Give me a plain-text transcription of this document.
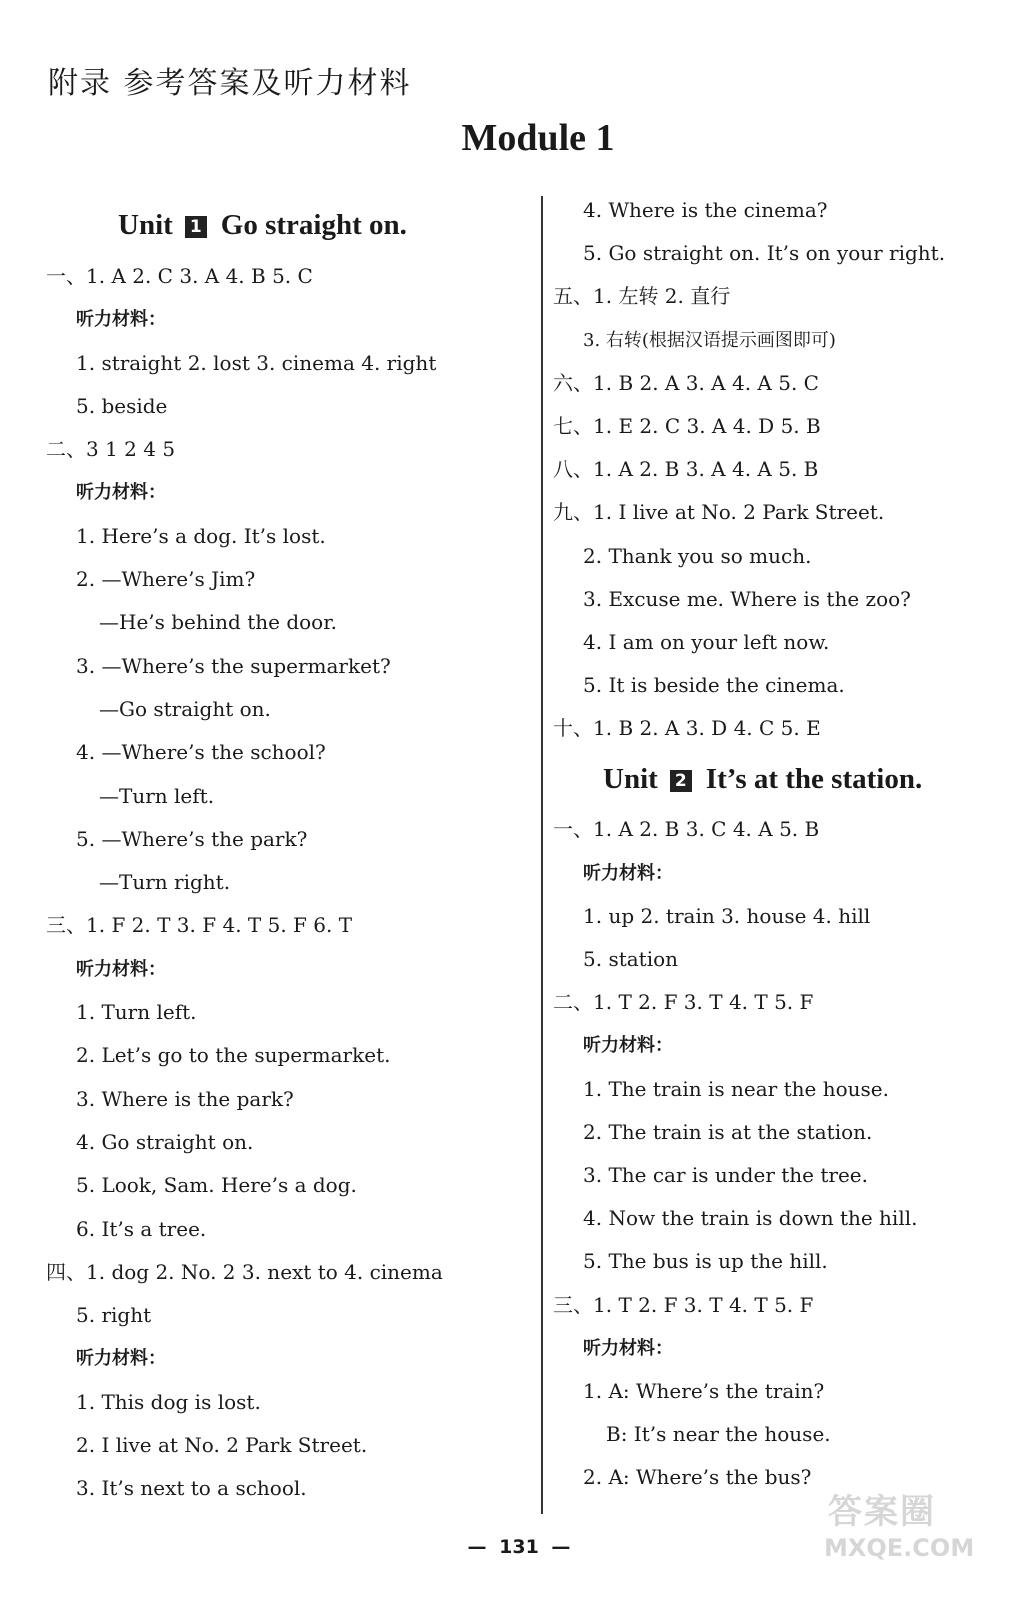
附录 参考答案及听力材料
Module 1
Unit 1 Go straight on.
一、1. A 2. C 3. A 4. B 5. C
听力材料：
1. straight 2. lost 3. cinema 4. right
5. beside
二、3 1 2 4 5
听力材料：
1. Here’s a dog. It’s lost.
2. —Where’s Jim?
—He’s behind the door.
3. —Where’s the supermarket?
—Go straight on.
4. —Where’s the school?
—Turn left.
5. —Where’s the park?
—Turn right.
三、1. F 2. T 3. F 4. T 5. F 6. T
听力材料：
1. Turn left.
2. Let’s go to the supermarket.
3. Where is the park?
4. Go straight on.
5. Look, Sam. Here’s a dog.
6. It’s a tree.
四、1. dog 2. No. 2 3. next to 4. cinema
5. right
听力材料：
1. This dog is lost.
2. I live at No. 2 Park Street.
3. It’s next to a school.
4. Where is the cinema?
5. Go straight on. It’s on your right.
五、1. 左转 2. 直行
3. 右转(根据汉语提示画图即可)
六、1. B 2. A 3. A 4. A 5. C
七、1. E 2. C 3. A 4. D 5. B
八、1. A 2. B 3. A 4. A 5. B
九、1. I live at No. 2 Park Street.
2. Thank you so much.
3. Excuse me. Where is the zoo?
4. I am on your left now.
5. It is beside the cinema.
十、1. B 2. A 3. D 4. C 5. E
Unit 2 It’s at the station.
一、1. A 2. B 3. C 4. A 5. B
听力材料：
1. up 2. train 3. house 4. hill
5. station
二、1. T 2. F 3. T 4. T 5. F
听力材料：
1. The train is near the house.
2. The train is at the station.
3. The car is under the tree.
4. Now the train is down the hill.
5. The bus is up the hill.
三、1. T 2. F 3. T 4. T 5. F
听力材料：
1. A: Where’s the train?
B: It’s near the house.
2. A: Where’s the bus?
— 131 —
答案圈
MXQE.COM
